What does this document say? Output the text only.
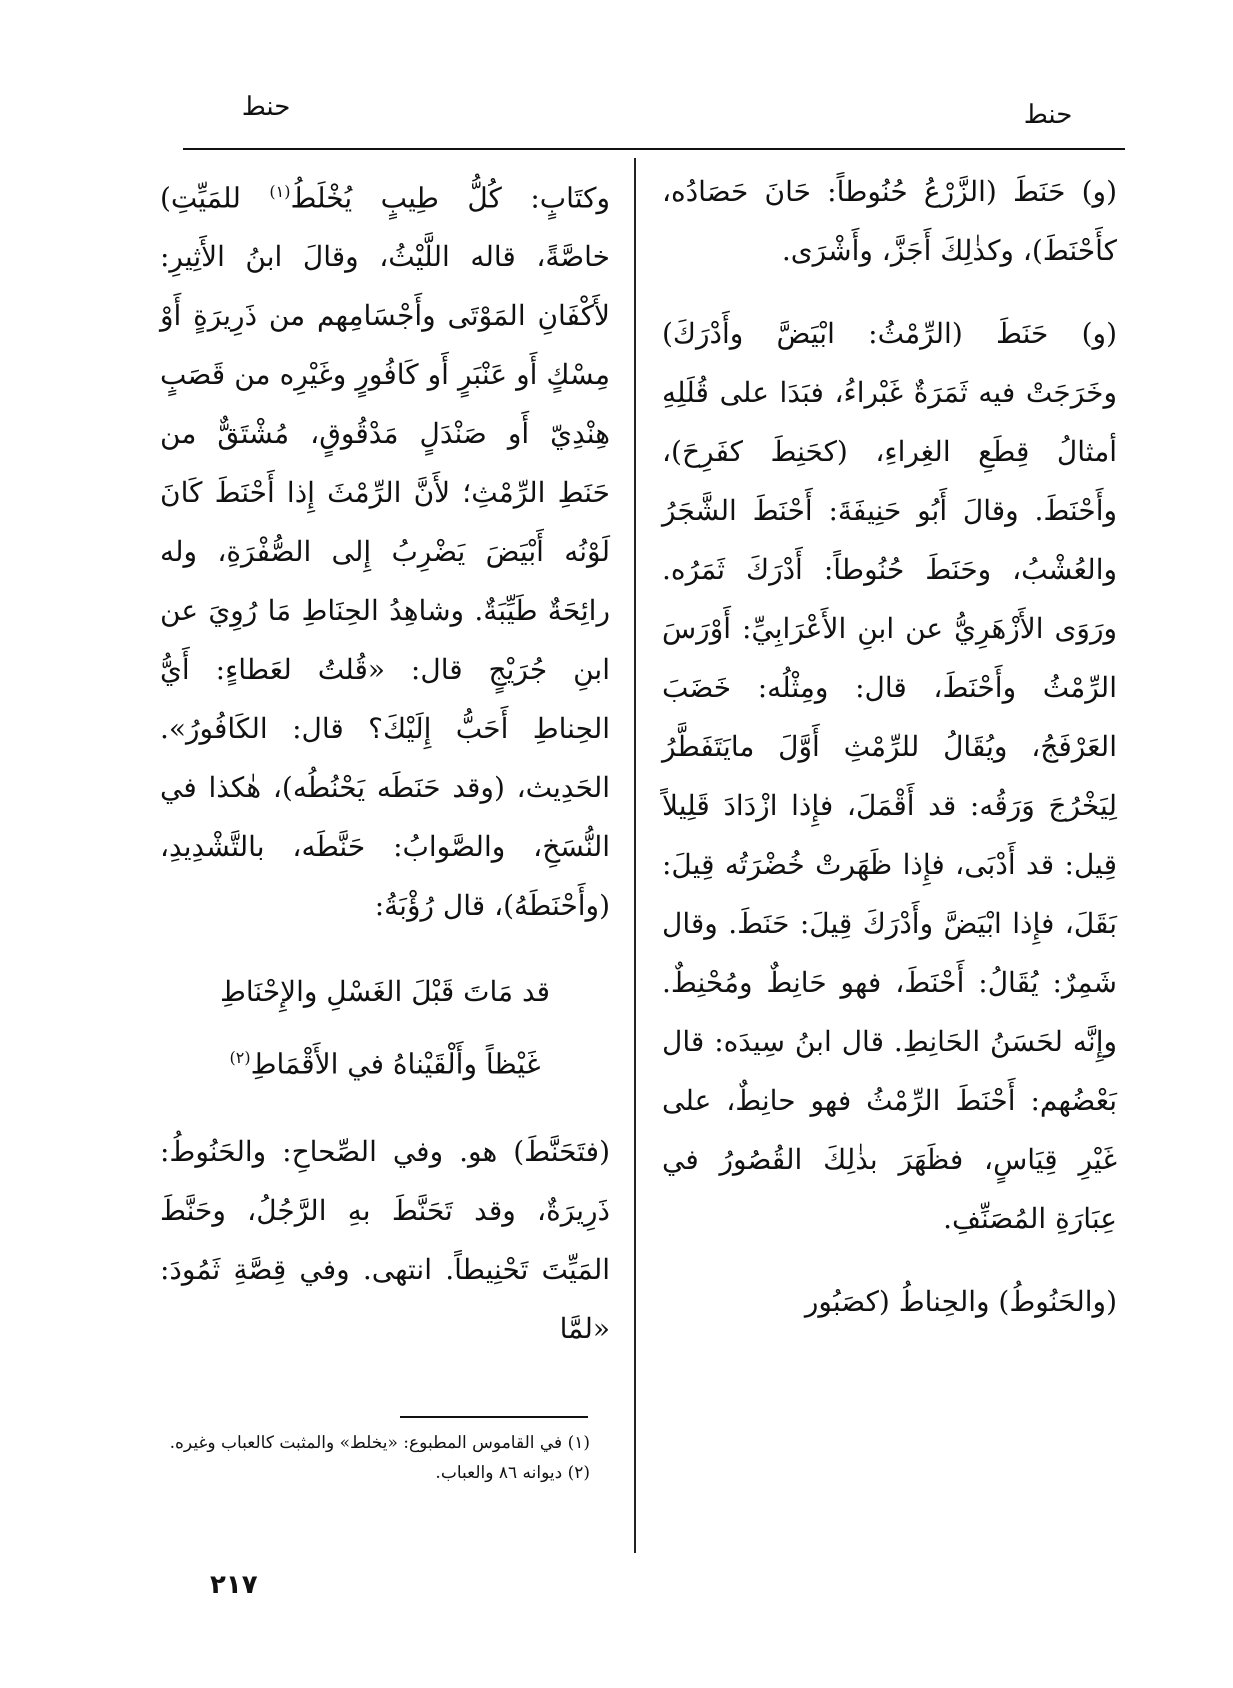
حنط	حنط

(و) حَنَطَ (الزَّرْعُ حُنُوطاً: حَانَ حَصَادُه، كأَحْنَطَ)، وكذٰلِكَ أَجَزَّ، وأَشْرَى.

(و) حَنَطَ (الرِّمْثُ: ابْيَضَّ وأَدْرَكَ) وخَرَجَتْ فيه ثَمَرَةٌ غَبْراءُ، فبَدَا على قُلَلِهِ أمثالُ قِطَعِ الغِراءِ، (كحَنِطَ كفَرِحَ)، وأَحْنَطَ. وقالَ أَبُو حَنِيفَةَ: أَحْنَطَ الشَّجَرُ والعُشْبُ، وحَنَطَ حُنُوطاً: أَدْرَكَ ثَمَرُه. ورَوَى الأَزْهَرِيُّ عن ابنِ الأَعْرَابِيِّ: أَوْرَسَ الرِّمْثُ وأَحْنَطَ، قال: ومِثْلُه: خَضَبَ العَرْفَجُ، ويُقَالُ للرِّمْثِ أَوَّلَ مايَتَفَطَّرُ لِيَخْرُجَ وَرَقُه: قد أَقْمَلَ، فإِذا ازْدَادَ قَلِيلاً قِيل: قد أَدْبَى، فإِذا ظَهَرتْ خُضْرَتُه قِيلَ: بَقَلَ، فإِذا ابْيَضَّ وأَدْرَكَ قِيلَ: حَنَطَ. وقال شَمِرٌ: يُقَالُ: أَحْنَطَ، فهو حَانِطٌ ومُحْنِطٌ. وإِنَّه لحَسَنُ الحَانِطِ. قال ابنُ سِيدَه: قال بَعْضُهم: أَحْنَطَ الرِّمْثُ فهو حانِطٌ، على غَيْرِ قِيَاسٍ، فظَهَرَ بذٰلِكَ القُصُورُ في عِبَارَةِ المُصَنِّفِ.

(والحَنُوطُ) والحِناطُ (كصَبُور

وكتَابٍ: كُلُّ طِيبٍ يُخْلَطُ$^{(١)}$ للمَيِّتِ) خاصَّةً، قاله اللَّيْثُ، وقالَ ابنُ الأَثِيرِ: لأَكْفَانِ المَوْتَى وأَجْسَامِهم من ذَرِيرَةٍ أَوْ مِسْكٍ أَو عَنْبَرٍ أَو كَافُورٍ وغَيْرِه من قَصَبٍ هِنْدِيّ أَو صَنْدَلٍ مَدْقُوقٍ، مُشْتَقٌّ من حَنَطِ الرِّمْثِ؛ لأَنَّ الرِّمْثَ إِذا أَحْنَطَ كَانَ لَوْنُه أَبْيَضَ يَضْرِبُ إِلى الصُّفْرَةِ، وله رائِحَةٌ طَيِّبَةٌ. وشاهِدُ الحِنَاطِ مَا رُوِيَ عن ابنِ جُرَيْجٍ قال: «قُلتُ لعَطاءٍ: أَيُّ الحِناطِ أَحَبُّ إِلَيْكَ؟ قال: الكَافُورُ». الحَدِيث، (وقد حَنَطَه يَحْنُطُه)، هٰكذا في النُّسَخِ، والصَّوابُ: حَنَّطَه، بالتَّشْدِيدِ، (وأَحْنَطَهُ)، قال رُؤْبَةُ:

قد مَاتَ قَبْلَ الغَسْلِ والإِحْنَاطِ
غَيْظاً وأَلْقَيْناهُ في الأَقْمَاطِ$^{(٢)}$

(فتَحَنَّطَ) هو. وفي الصِّحاحِ: والحَنُوطُ: ذَرِيرَةٌ، وقد تَحَنَّطَ بهِ الرَّجُلُ، وحَنَّطَ المَيِّتَ تَحْنِيطاً. انتهى. وفي قِصَّةِ ثَمُودَ: «لمَّا

(١) في القاموس المطبوع: «يخلط» والمثبت كالعباب وغيره.
(٢) ديوانه ٨٦ والعباب.
٢١٧
